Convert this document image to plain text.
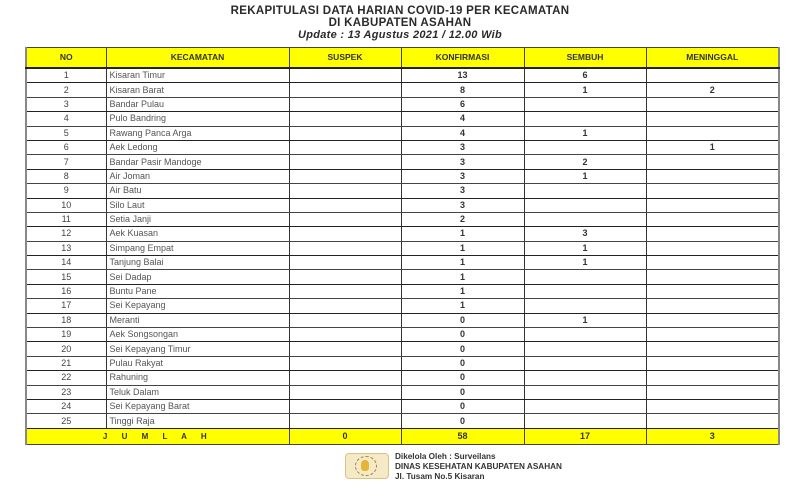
REKAPITULASI DATA HARIAN COVID-19 PER KECAMATAN
DI KABUPATEN ASAHAN
Update : 13 Agustus 2021 / 12.00 Wib
NO	KECAMATAN	SUSPEK	KONFIRMASI	SEMBUH	MENINGGAL
1	Kisaran Timur		13	6	
2	Kisaran Barat		8	1	2
3	Bandar Pulau		6		
4	Pulo Bandring		4		
5	Rawang Panca Arga		4	1	
6	Aek Ledong		3		1
7	Bandar Pasir Mandoge		3	2	
8	Air Joman		3	1	
9	Air Batu		3		
10	Silo Laut		3		
11	Setia Janji		2		
12	Aek Kuasan		1	3	
13	Simpang Empat		1	1	
14	Tanjung Balai		1	1	
15	Sei Dadap		1		
16	Buntu Pane		1		
17	Sei Kepayang		1		
18	Meranti		0	1	
19	Aek Songsongan		0		
20	Sei Kepayang Timur		0		
21	Pulau Rakyat		0		
22	Rahuning		0		
23	Teluk Dalam		0		
24	Sei Kepayang Barat		0		
25	Tinggi Raja		0		
J U M L A H		0	58	17	3
Dikelola Oleh : Surveilans
DINAS KESEHATAN KABUPATEN ASAHAN
Jl. Tusam No.5 Kisaran
